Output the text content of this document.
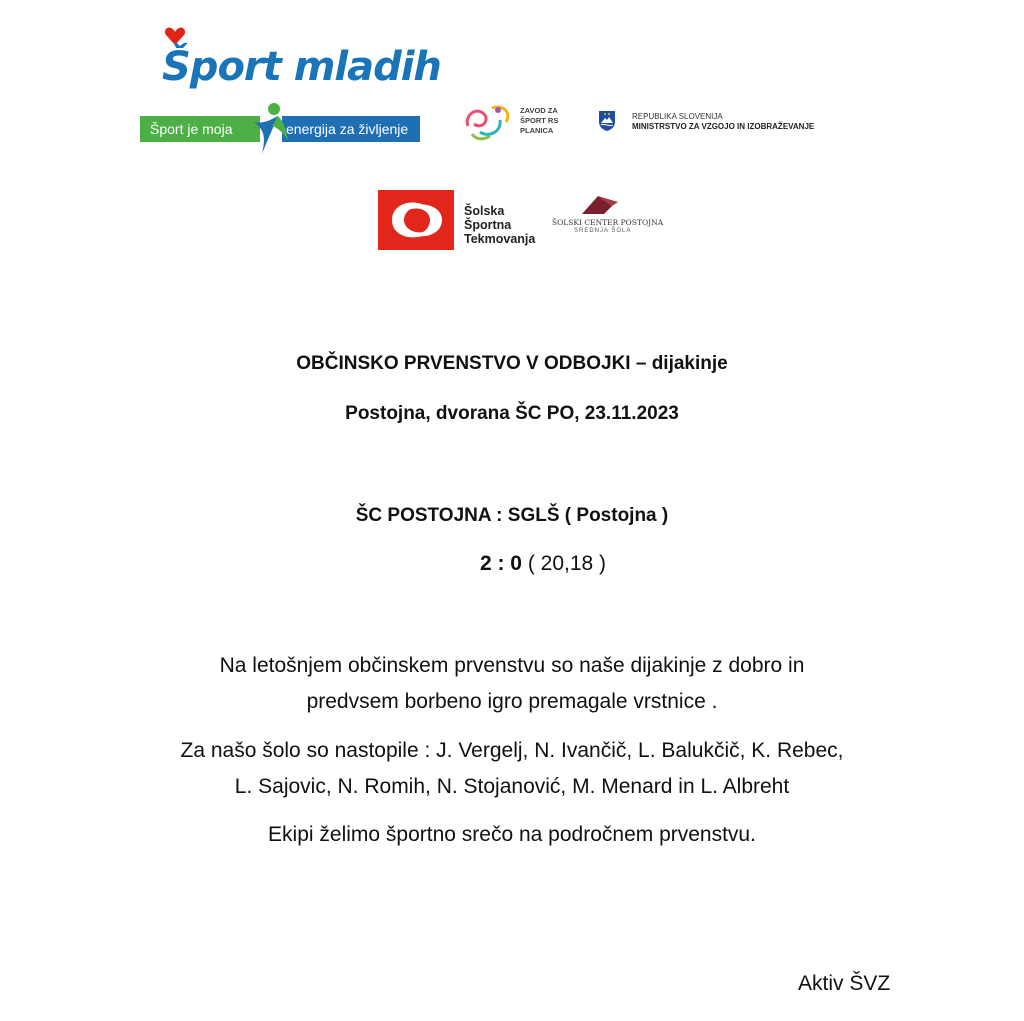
Šport mladih
Šport je moja	energija za življenje
ZAVOD ZA
ŠPORT RS
PLANICA
REPUBLIKA SLOVENIJA
MINISTRSTVO ZA VZGOJO IN IZOBRAŽEVANJE
Šolska
Športna
Tekmovanja
ŠOLSKI CENTER POSTOJNA
SREDNJA ŠOLA
OBČINSKO PRVENSTVO V ODBOJKI – dijakinje
Postojna, dvorana ŠC PO, 23.11.2023
ŠC POSTOJNA : SGLŠ ( Postojna )
2 : 0 ( 20,18 )
Na letošnjem občinskem prvenstvu so naše dijakinje z dobro in
predvsem borbeno igro premagale vrstnice .
Za našo šolo so nastopile : J. Vergelj, N. Ivančič, L. Balukčič, K. Rebec,
L. Sajovic, N. Romih, N. Stojanović, M. Menard in L. Albreht
Ekipi želimo športno srečo na področnem prvenstvu.
Aktiv ŠVZ
